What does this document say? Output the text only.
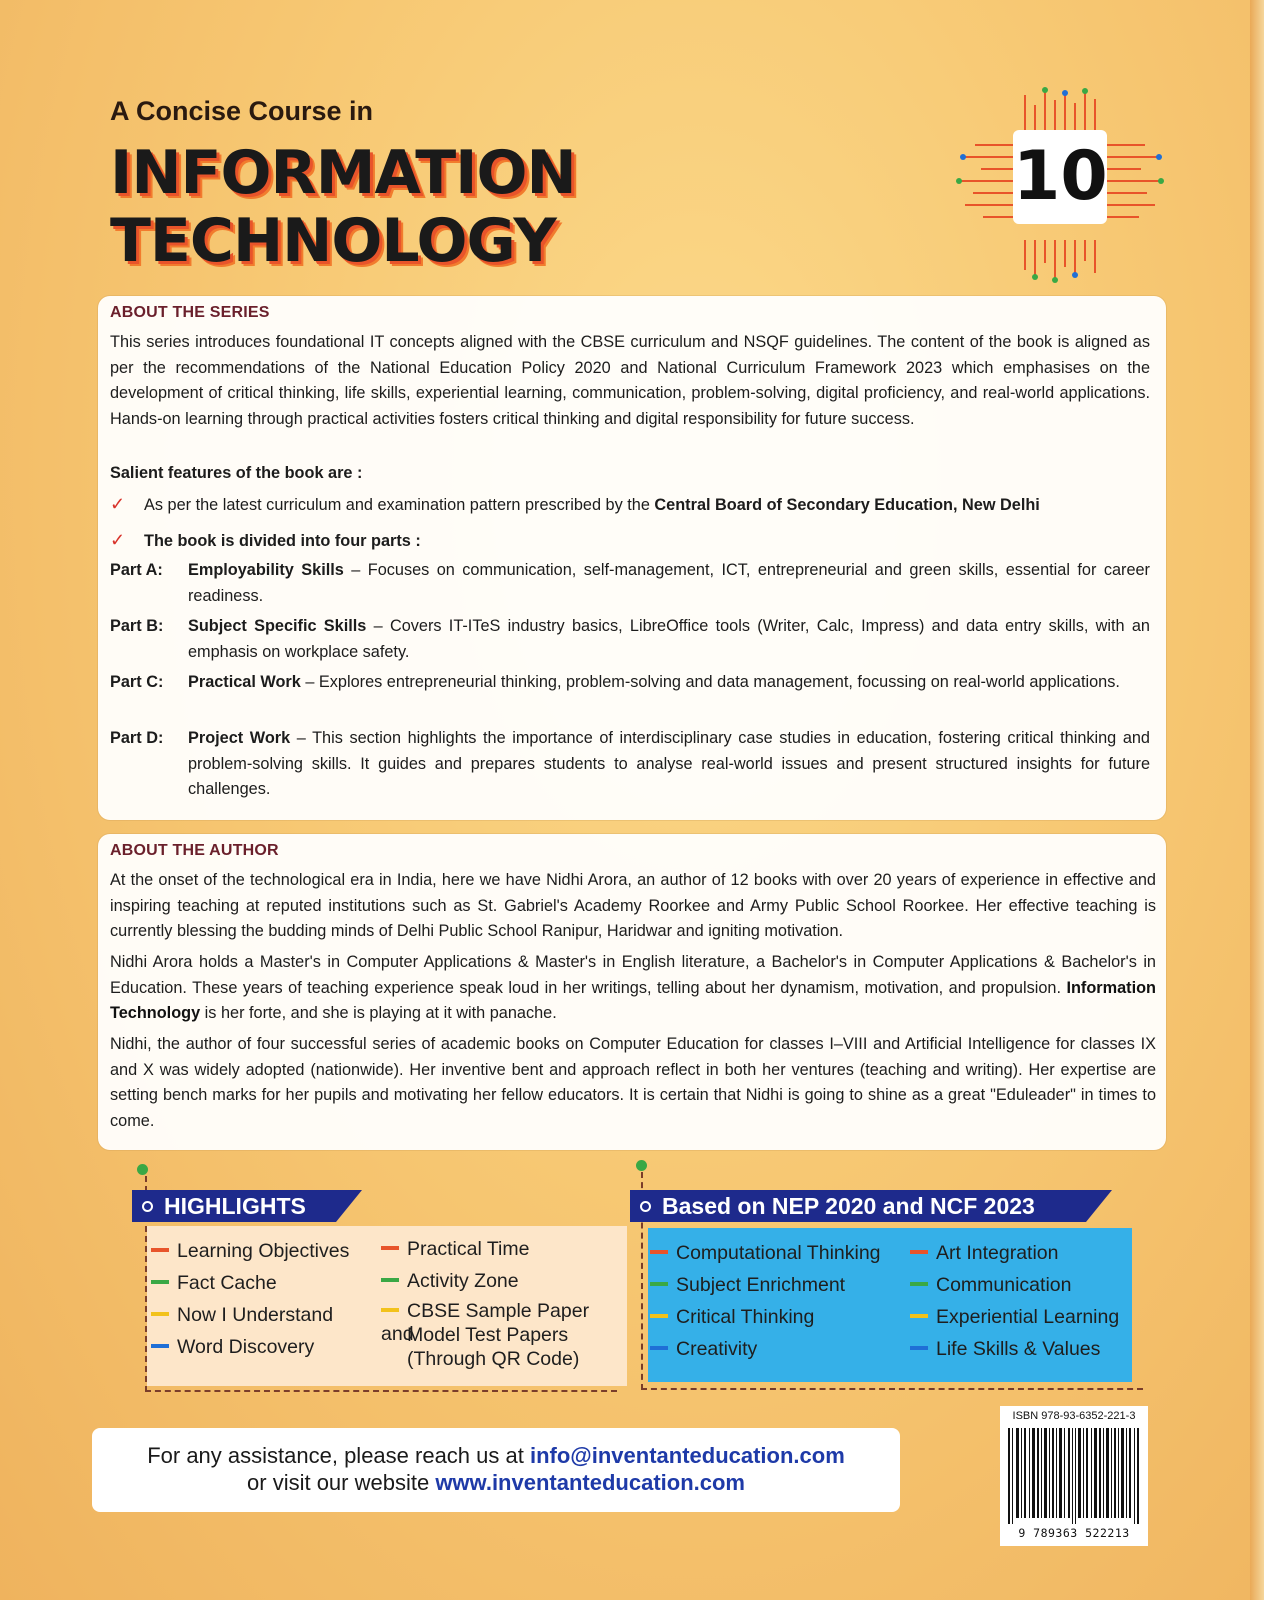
A Concise Course in
INFORMATION
TECHNOLOGY
10
ABOUT THE SERIES
This series introduces foundational IT concepts aligned with the CBSE curriculum and NSQF guidelines. The content of the book is aligned as per the recommendations of the National Education Policy 2020 and National Curriculum Framework 2023 which emphasises on the development of critical thinking, life skills, experiential learning, communication, problem-solving, digital proficiency, and real-world applications. Hands-on learning through practical activities fosters critical thinking and digital responsibility for future success.
Salient features of the book are :
✓ As per the latest curriculum and examination pattern prescribed by the Central Board of Secondary Education, New Delhi
✓ The book is divided into four parts :
Part A:	Employability Skills – Focuses on communication, self-management, ICT, entrepreneurial and green skills, essential for career readiness.
Part B:	Subject Specific Skills – Covers IT-ITeS industry basics, LibreOffice tools (Writer, Calc, Impress) and data entry skills, with an emphasis on workplace safety.
Part C:	Practical Work – Explores entrepreneurial thinking, problem-solving and data management, focussing on real-world applications.
Part D:	Project Work – This section highlights the importance of interdisciplinary case studies in education, fostering critical thinking and problem-solving skills. It guides and prepares students to analyse real-world issues and present structured insights for future challenges.
ABOUT THE AUTHOR
At the onset of the technological era in India, here we have Nidhi Arora, an author of 12 books with over 20 years of experience in effective and inspiring teaching at reputed institutions such as St. Gabriel's Academy Roorkee and Army Public School Roorkee. Her effective teaching is currently blessing the budding minds of Delhi Public School Ranipur, Haridwar and igniting motivation.
Nidhi Arora holds a Master's in Computer Applications & Master's in English literature, a Bachelor's in Computer Applications & Bachelor's in Education. These years of teaching experience speak loud in her writings, telling about her dynamism, motivation, and propulsion. Information Technology is her forte, and she is playing at it with panache.
Nidhi, the author of four successful series of academic books on Computer Education for classes I–VIII and Artificial Intelligence for classes IX and X was widely adopted (nationwide). Her inventive bent and approach reflect in both her ventures (teaching and writing). Her expertise are setting bench marks for her pupils and motivating her fellow educators. It is certain that Nidhi is going to shine as a great "Eduleader" in times to come.
HIGHLIGHTS
Learning Objectives
Fact Cache
Now I Understand
Word Discovery
Practical Time
Activity Zone
CBSE Sample Paper and
Model Test Papers
(Through QR Code)
Based on NEP 2020 and NCF 2023
Computational Thinking
Subject Enrichment
Critical Thinking
Creativity
Art Integration
Communication
Experiential Learning
Life Skills & Values
For any assistance, please reach us at info@inventanteducation.com
or visit our website www.inventanteducation.com
ISBN 978-93-6352-221-3
9 789363 522213
